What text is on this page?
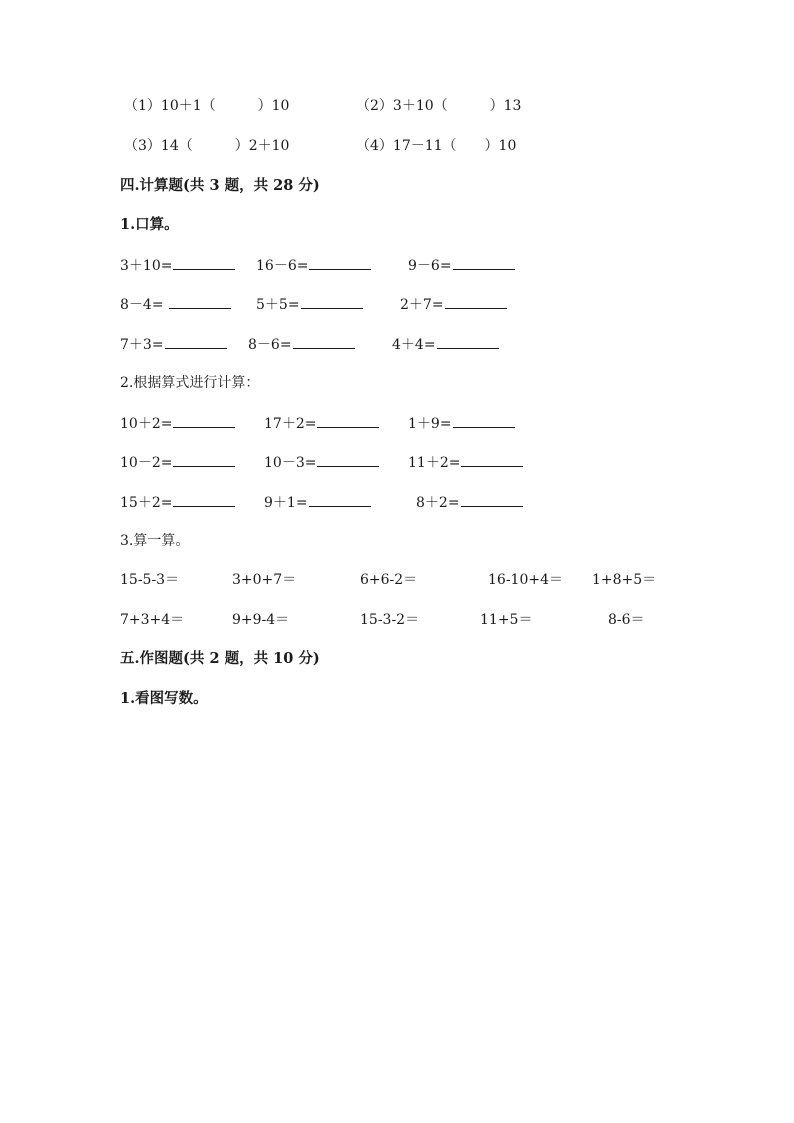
（1）10＋1（　　　）10	（2）3＋10（　　　）13
（3）14（　　　）2＋10	（4）17－11（　　）10
四.计算题(共 3 题，共 28 分)
1.口算。
3＋10=	16－6=	9－6=
8－4=	5＋5=	2＋7=
7＋3=	8－6=	4＋4=
2.根据算式进行计算：
10＋2=	17＋2=	1＋9=
10－2=	10－3=	11＋2=
15＋2=	9＋1=	8＋2=
3.算一算。
15-5-3＝	3+0+7＝	6+6-2＝	16-10+4＝ 1+8+5＝
7+3+4＝	9+9-4＝	15-3-2＝	11+5＝	8-6＝
五.作图题(共 2 题，共 10 分)
1.看图写数。
